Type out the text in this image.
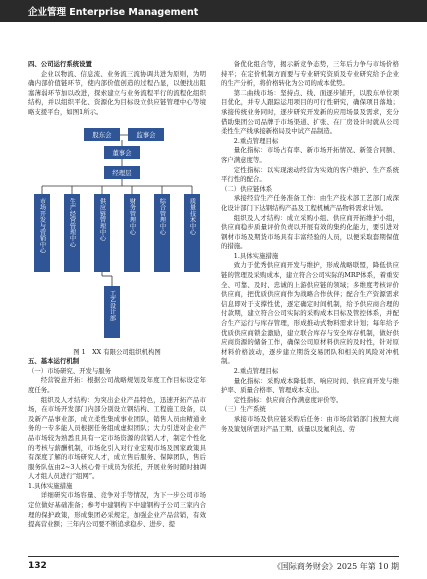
企业管理 Enterprise Management

四、公司运行系统设置

企业以物流、信息流、业务流三流协调共进为原则，为明确内部价值链环节，使内部价值创造的过程凸显，以便找出阻塞薄弱环节加以改进，探索建立与业务流程平行的流程化组织结构，并以组织平化、资源化为目标设立供应链管理中心等境略支援平台，如图1所示。

股东会	监事会
董事会
经理层
市场开发与营销中心	生产经营管理中心	供应链管理中心	财务管理中心	综合管理中心	质量技术中心
工艺设计部

图 1　XX 有限公司组织机构图

五、基本运行机制

（一）市场研究、开发与服务

经营锐意开拓：根据公司战略规划及年度工作目标设定年度任务。

组织及人才结构：为突出企业产品特色，迅速开拓产品市场，在市场开发部门内部分别设立钢结构、工程施工设备，以及新产品事业部，成立柔性集成事业团队，销售人员由精通业务的一专多能人员根据任务组成虚拟团队；大力引进对企业产品市场较为熟悉且具有一定市场资源的营销人才，制定个性化的考核与薪酬机制，市场化引入对行业宏观市场及国家政策具有深度了解的市场研究人才，成立售后服务、保障团队，售后服务队伍由2~3人核心骨干成员为依托，开展业务时随时抽调人才组人员进行“组网”。

1.具体实施措施

详细研究市场容量、竞争对手等情况，为下一步公司市场定位做好基础准备；参考中建钢构下中建钢构子公司三家内合理的保护政策，形成集团必采规定，加强企业产品营销，有效提高营业额；三年内公司要不断追求稳步、进步、提

备优化组合等，揭示新竞争态势，三年后力争与市场价格持平；在定价机制方面要与专业研究资质及专业研究给予企业的生产分析，将价格转化为公司的成本优势。

第二曲线市场：坚持点、线、面逐步铺开，以股东单位项目优化，并专人跟踪运用项目的可行性研究，确保项目落地；承接传统业务同时，逐步研究开发新的应用场景及需求，充分借助集团公司品牌于市场渠道、扩张、在厂房设计时就从公司柔性生产线承接新格局及中试产品制造。

2.重点管理目标

量化指标：市场占有率、新市场开拓情况、新签合同额、客户满意度等。

定性指标：以实现滚动经营为实效的客户维护、生产系统平行性的配合。

（二）供应链体系

承接经营生产任务准备工作：由生产技术部工艺部门成深化设计部门下达钢结构产品及工程机械产品物料需求计划。

组织及人才结构：成立采购小组、供应商开拓维护小组，供应商稳步质量评价负责以开展有效的集约化能力，要引进对钢材市场及期货市场具有丰富经验的人员，以便采取套期保值的措施。

1.具体实施措施

致力于优秀供应商开发与维护，形成战略联盟，降低供应链的管理及采购成本，建立符合公司实际的MRP体系，着重安全、可靠、及时、忠诚的上游供应链的领域；多维度考核评价供应商，把优质供应商作为战略合作伙伴；配合生产资源需求信息即对于支撑性优，逐定确定时间机制，给予供应商合理的付款期，建立符合公司实际的采购成本目标及管控体系，并配合生产运行与库存管理，形成推动式物料需求计划；每年给予优质供应商锁金激励，建立联合库存与安全库存机制，做好供应商资源的储备工作，确保公司原材料供应的及时性，针对原材料价格波动，逐步建立期货交易团队和相关的风险对冲机制。

2.重点管理目标

量化指标：采购成本降低率、响应时间、供应商开发与维护率、质量合格率、管理成本支出。

定性指标：供应商合作满意度评价等。

（三）生产系统

承接市场及供应链采购后任务：由市场营销部门按照大商务及策划所需对产品工期、质量以及氟利点、劳

132	《国际商务财会》2025 年第 10 期
